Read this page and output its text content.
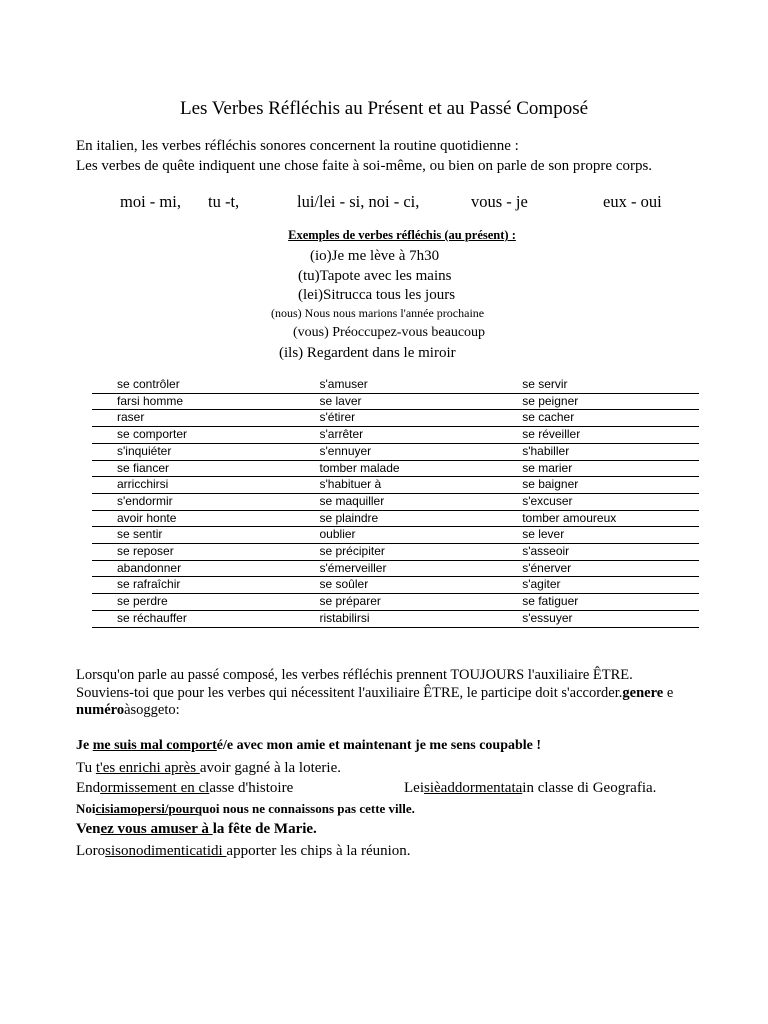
Les Verbes Réfléchis au Présent et au Passé Composé
En italien, les verbes réfléchis sonores concernent la routine quotidienne :
Les verbes de quête indiquent une chose faite à soi-même, ou bien on parle de son propre corps.
moi - mi, tu -t,	lui/lei - si, noi - ci,	vous - je	eux - oui
Exemples de verbes réfléchis (au présent) :
(io)Je me lève à 7h30
(tu)Tapote avec les mains
(lei)Sitrucca tous les jours
(nous) Nous nous marions l'année prochaine
(vous) Préoccupez-vous beaucoup
(ils) Regardent dans le miroir
se contrôler	s'amuser	se servir
farsi homme	se laver	se peigner
raser	s'étirer	se cacher
se comporter	s'arrêter	se réveiller
s'inquiéter	s'ennuyer	s'habiller
se fiancer	tomber malade	se marier
arricchirsi	s'habituer à	se baigner
s'endormir	se maquiller	s'excuser
avoir honte	se plaindre	tomber amoureux
se sentir	oublier	se lever
se reposer	se précipiter	s'asseoir
abandonner	s'émerveiller	s'énerver
se rafraîchir	se soûler	s'agiter
se perdre	se préparer	se fatiguer
se réchauffer	ristabilirsi	s'essuyer
Lorsqu'on parle au passé composé, les verbes réfléchis prennent TOUJOURS l'auxiliaire ÊTRE.
Souviens-toi que pour les verbes qui nécessitent l'auxiliaire ÊTRE, le participe doit s'accorder.genere e
numéroàsoggeto:
Je me suis mal comporté/e avec mon amie et maintenant je me sens coupable !
Tu t'es enrichi après avoir gagné à la loterie.
Endormissement en classe d'histoire	Leisièaddormentatain classe di Geografia.
Noicisiamopersi/pourquoi nous ne connaissons pas cette ville.
Venez vous amuser à la fête de Marie.
Lorosisonodimenticatidi apporter les chips à la réunion.
